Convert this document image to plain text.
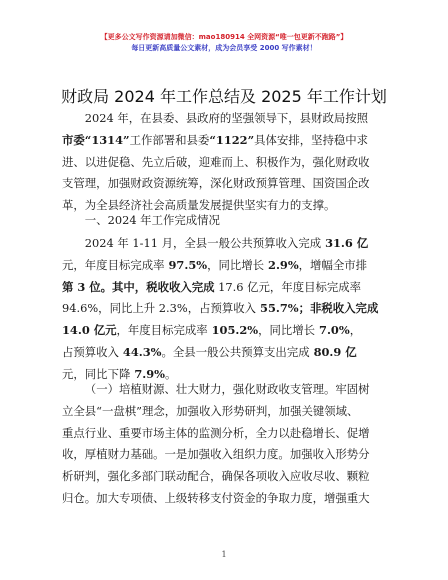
【更多公文写作资源请加微信：mao180914 全网资源“唯一包更新不跑路”】
每日更新高质量公文素材，成为会员享受 2000 写作素材！
财政局 2024 年工作总结及 2025 年工作计划
2024 年，在县委、县政府的坚强领导下，县财政局按照
市委“1314”工作部署和县委“1122”具体安排，坚持稳中求
进、以进促稳、先立后破，迎难而上、积极作为，强化财政收
支管理，加强财政资源统筹，深化财政预算管理、国资国企改
革，为全县经济社会高质量发展提供坚实有力的支撑。
一、2024 年工作完成情况
2024 年 1-11 月，全县一般公共预算收入完成 31.6 亿
元，年度目标完成率 97.5%，同比增长 2.9%，增幅全市排
第 3 位。其中，税收收入完成 17.6 亿元，年度目标完成率
94.6%，同比上升 2.3%，占预算收入 55.7%；非税收入完成
14.0 亿元，年度目标完成率 105.2%，同比增长 7.0%，
占预算收入 44.3%。全县一般公共预算支出完成 80.9 亿
元，同比下降 7.9%。
（一）培植财源、壮大财力，强化财政收支管理。牢固树
立全县“一盘棋”理念，加强收入形势研判，加强关键领域、
重点行业、重要市场主体的监测分析，全力以赴稳增长、促增
收，厚植财力基础。一是加强收入组织力度。加强收入形势分
析研判，强化多部门联动配合，确保各项收入应收尽收、颗粒
归仓。加大专项债、上级转移支付资金的争取力度，增强重大
1
